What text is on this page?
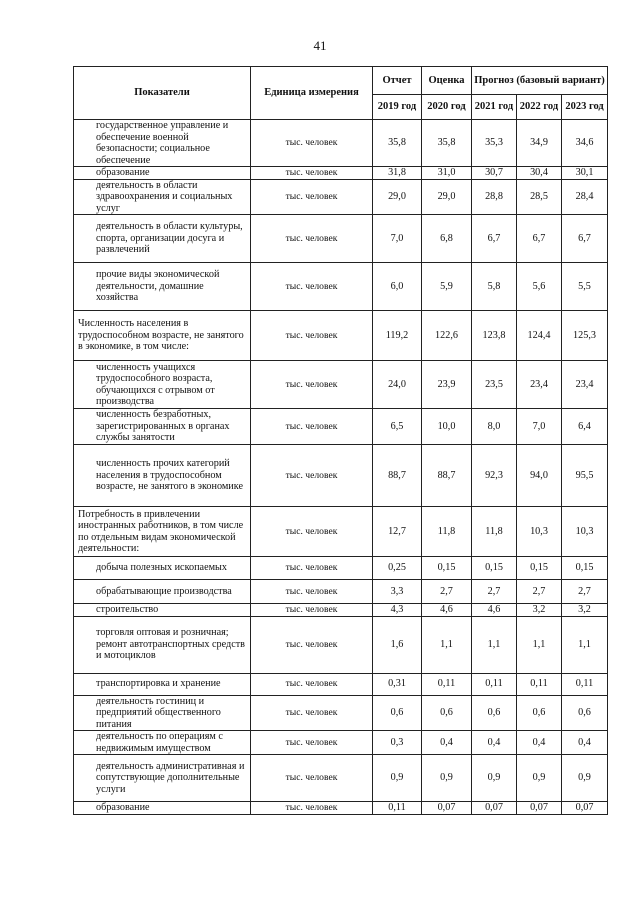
41
Показатели	Единица измерения	Отчет	Оценка	Прогноз (базовый вариант)		
		2019 год	2020 год	2021 год	2022 год	2023 год
государственное управление и обеспечение военной безопасности; социальное обеспечение	тыс. человек	35,8	35,8	35,3	34,9	34,6
образование	тыс. человек	31,8	31,0	30,7	30,4	30,1
деятельность в области здравоохранения и социальных услуг	тыс. человек	29,0	29,0	28,8	28,5	28,4
деятельность в области культуры, спорта, организации досуга и развлечений	тыс. человек	7,0	6,8	6,7	6,7	6,7
прочие виды экономической деятельности, домашние хозяйства	тыс. человек	6,0	5,9	5,8	5,6	5,5
Численность населения в трудоспособном возрасте, не занятого в экономике, в том числе:	тыс. человек	119,2	122,6	123,8	124,4	125,3
численность учащихся трудоспособного возраста, обучающихся с отрывом от производства	тыс. человек	24,0	23,9	23,5	23,4	23,4
численность безработных, зарегистрированных в органах службы занятости	тыс. человек	6,5	10,0	8,0	7,0	6,4
численность прочих категорий населения в трудоспособном возрасте, не занятого в экономике	тыс. человек	88,7	88,7	92,3	94,0	95,5
Потребность в привлечении иностранных работников, в том числе по отдельным видам экономической деятельности:	тыс. человек	12,7	11,8	11,8	10,3	10,3
добыча полезных ископаемых	тыс. человек	0,25	0,15	0,15	0,15	0,15
обрабатывающие производства	тыс. человек	3,3	2,7	2,7	2,7	2,7
строительство	тыс. человек	4,3	4,6	4,6	3,2	3,2
торговля оптовая и розничная; ремонт автотранспортных средств и мотоциклов	тыс. человек	1,6	1,1	1,1	1,1	1,1
транспортировка и хранение	тыс. человек	0,31	0,11	0,11	0,11	0,11
деятельность гостиниц и предприятий общественного питания	тыс. человек	0,6	0,6	0,6	0,6	0,6
деятельность по операциям с недвижимым имуществом	тыс. человек	0,3	0,4	0,4	0,4	0,4
деятельность административная и сопутствующие дополнительные услуги	тыс. человек	0,9	0,9	0,9	0,9	0,9
образование	тыс. человек	0,11	0,07	0,07	0,07	0,07
